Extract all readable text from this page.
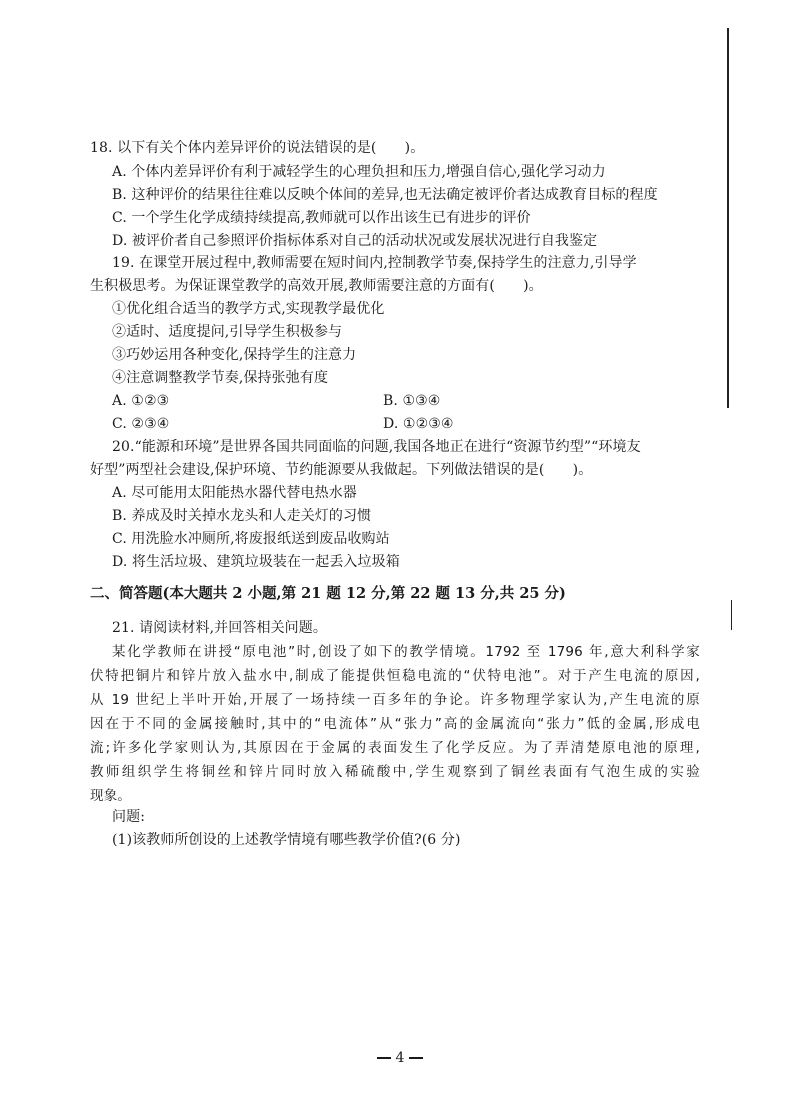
18. 以下有关个体内差异评价的说法错误的是(　　)。
A. 个体内差异评价有利于减轻学生的心理负担和压力,增强自信心,强化学习动力
B. 这种评价的结果往往难以反映个体间的差异,也无法确定被评价者达成教育目标的程度
C. 一个学生化学成绩持续提高,教师就可以作出该生已有进步的评价
D. 被评价者自己参照评价指标体系对自己的活动状况或发展状况进行自我鉴定
19. 在课堂开展过程中,教师需要在短时间内,控制教学节奏,保持学生的注意力,引导学
生积极思考。为保证课堂教学的高效开展,教师需要注意的方面有(　　)。
①优化组合适当的教学方式,实现教学最优化
②适时、适度提问,引导学生积极参与
③巧妙运用各种变化,保持学生的注意力
④注意调整教学节奏,保持张弛有度
A. ①②③	B. ①③④
C. ②③④	D. ①②③④
20.“能源和环境”是世界各国共同面临的问题,我国各地正在进行“资源节约型”“环境友
好型”两型社会建设,保护环境、节约能源要从我做起。下列做法错误的是(　　)。
A. 尽可能用太阳能热水器代替电热水器
B. 养成及时关掉水龙头和人走关灯的习惯
C. 用洗脸水冲厕所,将废报纸送到废品收购站
D. 将生活垃圾、建筑垃圾装在一起丢入垃圾箱
二、简答题(本大题共 2 小题,第 21 题 12 分,第 22 题 13 分,共 25 分)
21. 请阅读材料,并回答相关问题。
某化学教师在讲授“原电池”时,创设了如下的教学情境。1792 至 1796 年,意大利科学家
伏特把铜片和锌片放入盐水中,制成了能提供恒稳电流的“伏特电池”。对于产生电流的原因,
从 19 世纪上半叶开始,开展了一场持续一百多年的争论。许多物理学家认为,产生电流的原
因在于不同的金属接触时,其中的“电流体”从“张力”高的金属流向“张力”低的金属,形成电
流;许多化学家则认为,其原因在于金属的表面发生了化学反应。为了弄清楚原电池的原理,
教师组织学生将铜丝和锌片同时放入稀硫酸中,学生观察到了铜丝表面有气泡生成的实验
现象。
问题:
(1)该教师所创设的上述教学情境有哪些教学价值?(6 分)
4
